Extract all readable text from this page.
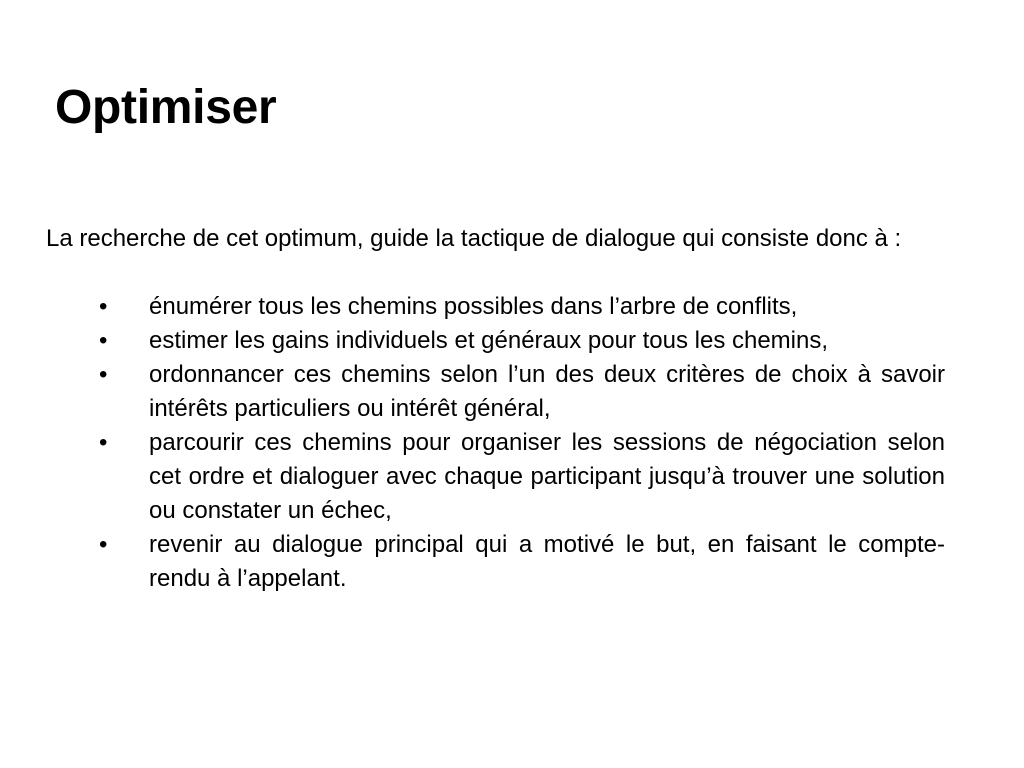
Optimiser

La recherche de cet optimum, guide la tactique de dialogue qui consiste donc à :

• énumérer tous les chemins possibles dans l’arbre de conflits,
• estimer les gains individuels et généraux pour tous les chemins,
• ordonnancer ces chemins selon l’un des deux critères de choix à savoir intérêts particuliers ou intérêt général,
• parcourir ces chemins pour organiser les sessions de négociation selon cet ordre et dialoguer avec chaque participant jusqu’à trouver une solution ou constater un échec,
• revenir au dialogue principal qui a motivé le but, en faisant le compte-rendu à l’appelant.
